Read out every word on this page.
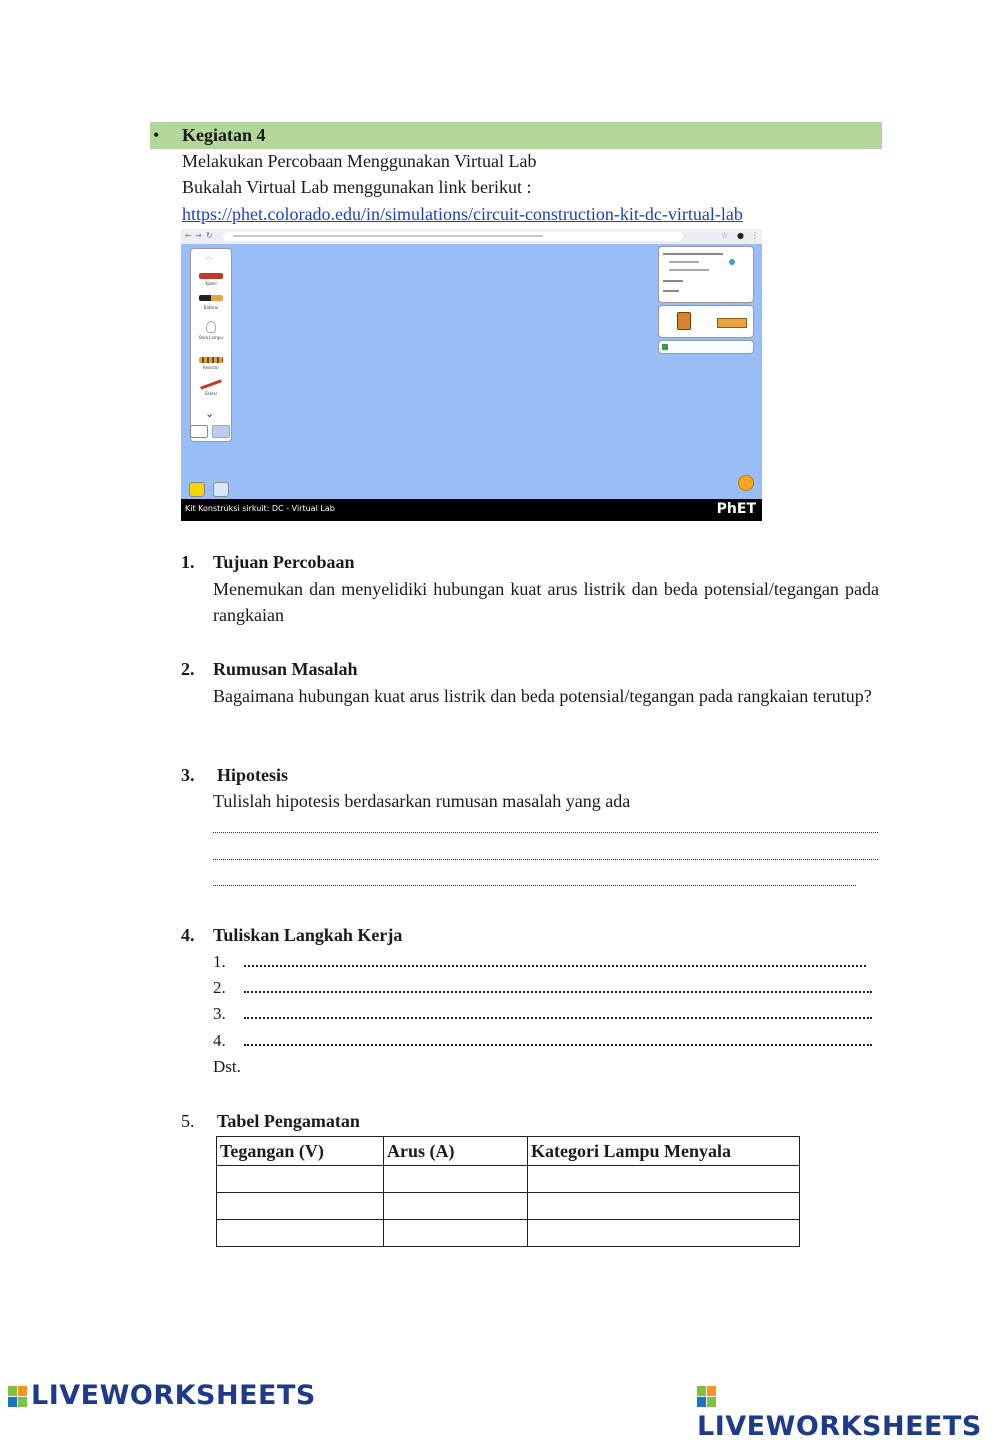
• Kegiatan 4
Melakukan Percobaan Menggunakan Virtual Lab
Bukalah Virtual Lab menggunakan link berikut :
https://phet.colorado.edu/in/simulations/circuit-construction-kit-dc-virtual-lab
← → ↻	☆ ● ⋮
︿
Kabel
Baterai
Bola Lampu
Resistor
Saklar
⌄
Kit Konstruksi sirkuit: DC - Virtual Lab	PhET
1. Tujuan Percobaan
Menemukan dan menyelidiki hubungan kuat arus listrik dan beda potensial/tegangan pada rangkaian
2. Rumusan Masalah
Bagaimana hubungan kuat arus listrik dan beda potensial/tegangan pada rangkaian terutup?
3. Hipotesis
Tulislah hipotesis berdasarkan rumusan masalah yang ada
4. Tuliskan Langkah Kerja
1.
2.
3.
4.
Dst.
5. Tabel Pengamatan
Tegangan (V)	Arus (A)	Kategori Lampu Menyala

LIVEWORKSHEETS
LIVEWORKSHEETS
